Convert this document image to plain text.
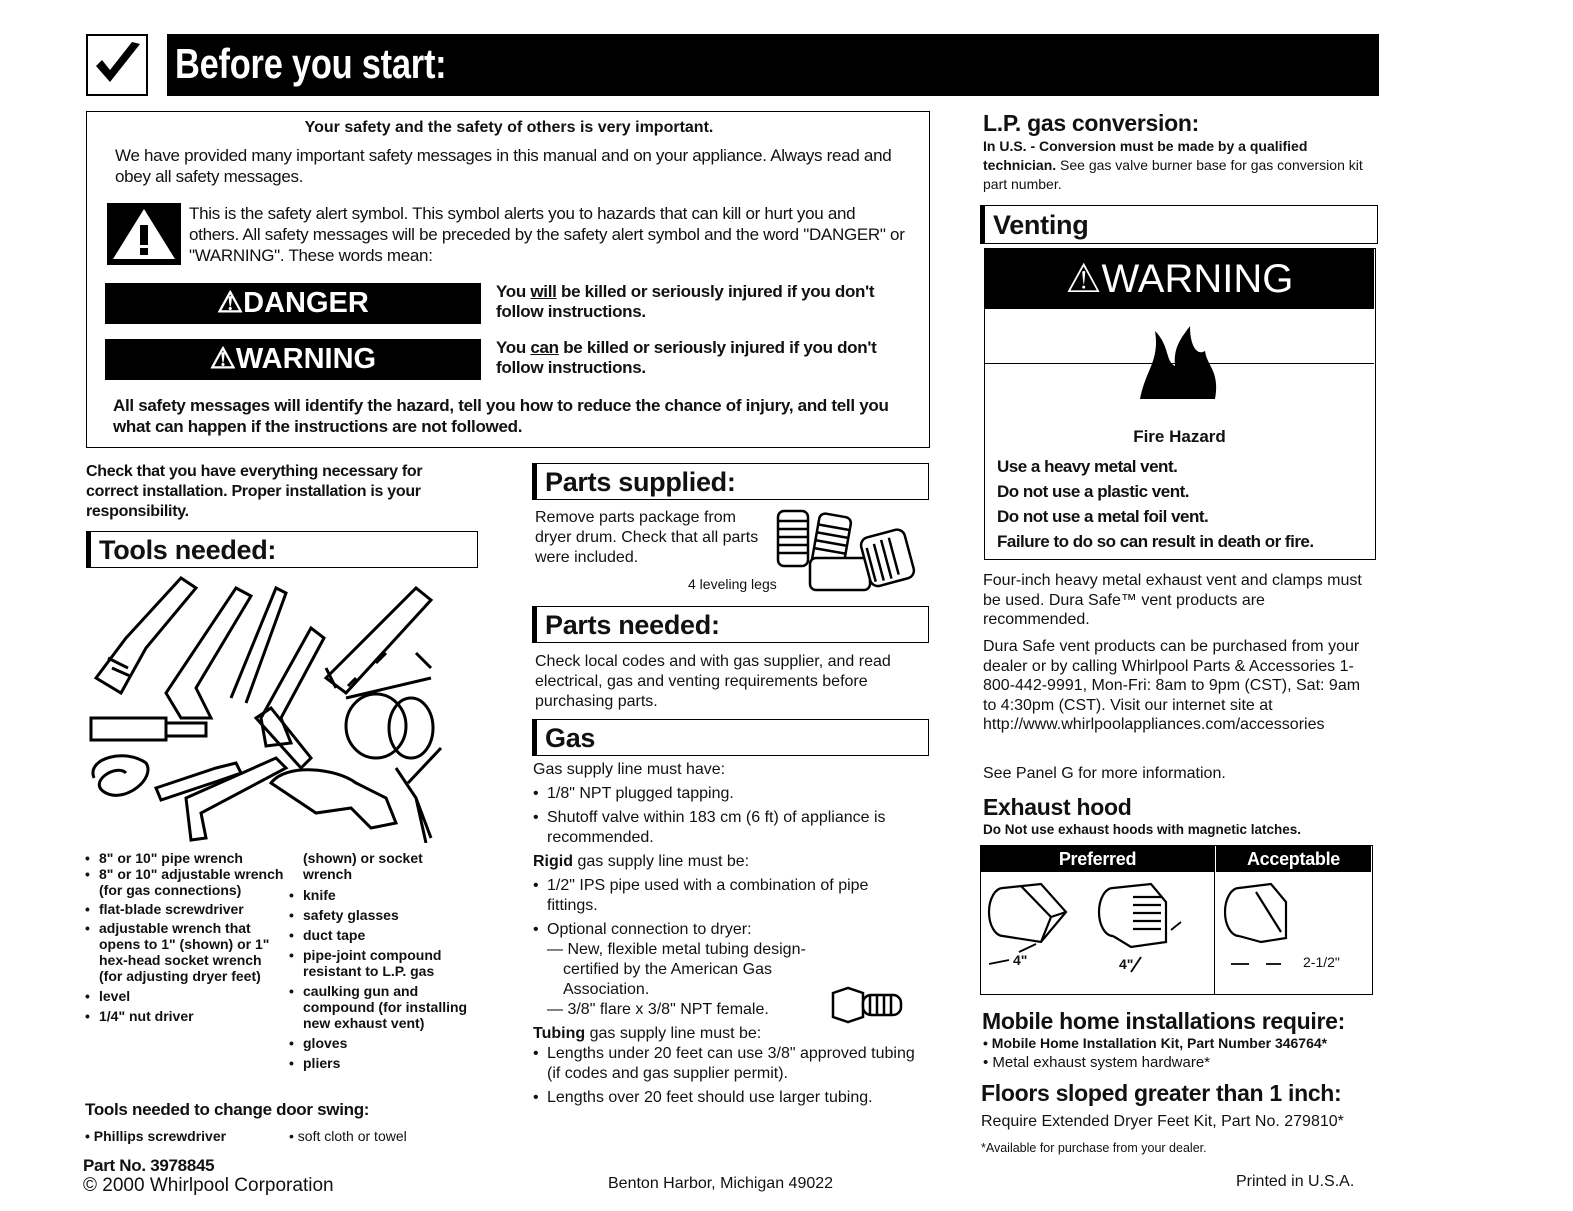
Before you start:
Your safety and the safety of others is very important.
We have provided many important safety messages in this manual and on your appliance. Always read and obey all safety messages.
This is the safety alert symbol. This symbol alerts you to hazards that can kill or hurt you and others. All safety messages will be preceded by the safety alert symbol and the word "DANGER" or "WARNING". These words mean:
⚠DANGER	You will be killed or seriously injured if you don't follow instructions.
⚠WARNING	You can be killed or seriously injured if you don't follow instructions.
All safety messages will identify the hazard, tell you how to reduce the chance of injury, and tell you what can happen if the instructions are not followed.
Check that you have everything necessary for correct installation. Proper installation is your responsibility.
Tools needed:
• 8" or 10" pipe wrench
• 8" or 10" adjustable wrench (for gas connections)
• flat-blade screwdriver
• adjustable wrench that opens to 1" (shown) or 1" hex-head socket wrench (for adjusting dryer feet)
• level
• 1/4" nut driver
(shown) or socket wrench
• knife
• safety glasses
• duct tape
• pipe-joint compound resistant to L.P. gas
• caulking gun and compound (for installing new exhaust vent)
• gloves
• pliers
Tools needed to change door swing:
• Phillips screwdriver	• soft cloth or towel
Part No. 3978845
© 2000 Whirlpool Corporation
Parts supplied:
Remove parts package from dryer drum. Check that all parts were included.
4 leveling legs
Parts needed:
Check local codes and with gas supplier, and read electrical, gas and venting requirements before purchasing parts.
Gas
Gas supply line must have:
• 1/8" NPT plugged tapping.
• Shutoff valve within 183 cm (6 ft) of appliance is recommended.
Rigid gas supply line must be:
• 1/2" IPS pipe used with a combination of pipe fittings.
• Optional connection to dryer:
— New, flexible metal tubing design-certified by the American Gas Association.
— 3/8" flare x 3/8" NPT female.
Tubing gas supply line must be:
• Lengths under 20 feet can use 3/8" approved tubing (if codes and gas supplier permit).
• Lengths over 20 feet should use larger tubing.
Benton Harbor, Michigan 49022
L.P. gas conversion:
In U.S. - Conversion must be made by a qualified technician. See gas valve burner base for gas conversion kit part number.
Venting
⚠WARNING
Fire Hazard
Use a heavy metal vent.
Do not use a plastic vent.
Do not use a metal foil vent.
Failure to do so can result in death or fire.
Four-inch heavy metal exhaust vent and clamps must be used. Dura Safe™ vent products are recommended.
Dura Safe vent products can be purchased from your dealer or by calling Whirlpool Parts & Accessories 1-800-442-9991, Mon-Fri: 8am to 9pm (CST), Sat: 9am to 4:30pm (CST). Visit our internet site at
http://www.whirlpoolappliances.com/accessories
See Panel G for more information.
Exhaust hood
Do Not use exhaust hoods with magnetic latches.
Preferred	Acceptable
4"	4"	2-1/2"
Mobile home installations require:
• Mobile Home Installation Kit, Part Number 346764*
• Metal exhaust system hardware*
Floors sloped greater than 1 inch:
Require Extended Dryer Feet Kit, Part No. 279810*
*Available for purchase from your dealer.
Printed in U.S.A.
